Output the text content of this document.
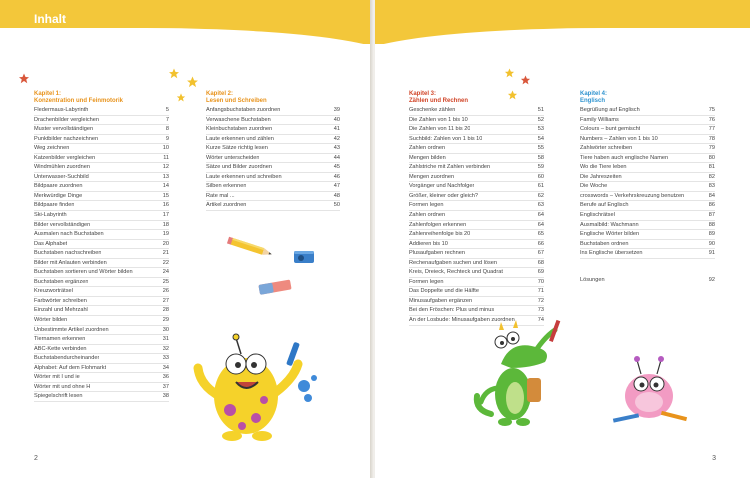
Inhalt
Kapitel 1:
Konzentration und Feinmotorik
Fledermaus-Labyrinth	5
Drachenbilder vergleichen	7
Muster vervollständigen	8
Punktbilder nachzeichnen	9
Weg zeichnen	10
Katzenbilder vergleichen	11
Windmühlen zuordnen	12
Unterwasser-Suchbild	13
Bildpaare zuordnen	14
Merkwürdige Dinge	15
Bildpaare finden	16
Ski-Labyrinth	17
Bilder vervollständigen	18
Ausmalen nach Buchstaben	19
Das Alphabet	20
Buchstaben nachschreiben	21
Bilder mit Anlauten verbinden	22
Buchstaben sortieren und Wörter bilden	24
Buchstaben ergänzen	25
Kreuzworträtsel	26
Farbwörter schreiben	27
Einzahl und Mehrzahl	28
Wörter bilden	29
Unbestimmte Artikel zuordnen	30
Tiernamen erkennen	31
ABC-Kette verbinden	32
Buchstabendurcheinander	33
Alphabet: Auf dem Flohmarkt	34
Wörter mit I und ie	36
Wörter mit und ohne H	37
Spiegelschrift lesen	38
Kapitel 2:
Lesen und Schreiben
Anfangsbuchstaben zuordnen	39
Verwaschene Buchstaben	40
Kleinbuchstaben zuordnen	41
Laute erkennen und zählen	42
Kurze Sätze richtig lesen	43
Wörter unterscheiden	44
Sätze und Bilder zuordnen	45
Laute erkennen und schreiben	46
Silben erkennen	47
Rate mal ...	48
Artikel zuordnen	50
2
Kapitel 3:
Zählen und Rechnen
Geschenke zählen	51
Die Zahlen von 1 bis 10	52
Die Zahlen von 11 bis 20	53
Suchbild: Zahlen von 1 bis 10	54
Zahlen ordnen	55
Mengen bilden	58
Zahlstriche mit Zahlen verbinden	59
Mengen zuordnen	60
Vorgänger und Nachfolger	61
Größer, kleiner oder gleich?	62
Formen legen	63
Zahlen ordnen	64
Zahlenfolgen erkennen	64
Zahlenreihenfolge bis 20	65
Addieren bis 10	66
Plusaufgaben rechnen	67
Rechenaufgaben suchen und lösen	68
Kreis, Dreieck, Rechteck und Quadrat	69
Formen legen	70
Das Doppelte und die Hälfte	71
Minusaufgaben ergänzen	72
Bei den Fröschen: Plus und minus	73
An der Losbude: Minusaufgaben zuordnen	74
Kapitel 4:
Englisch
Begrüßung auf Englisch	75
Family Williams	76
Colours – bunt gemischt	77
Numbers – Zahlen von 1 bis 10	78
Zahlwörter schreiben	79
Tiere haben auch englische Namen	80
Wo die Tiere leben	81
Die Jahreszeiten	82
Die Woche	83
crosswords – Verkehrskreuzung benutzen	84
Berufe auf Englisch	86
Englischrätsel	87
Ausmalbild: Wachmann	88
Englische Wörter bilden	89
Buchstaben ordnen	90
Ins Englische übersetzen	91
Lösungen	92
3
